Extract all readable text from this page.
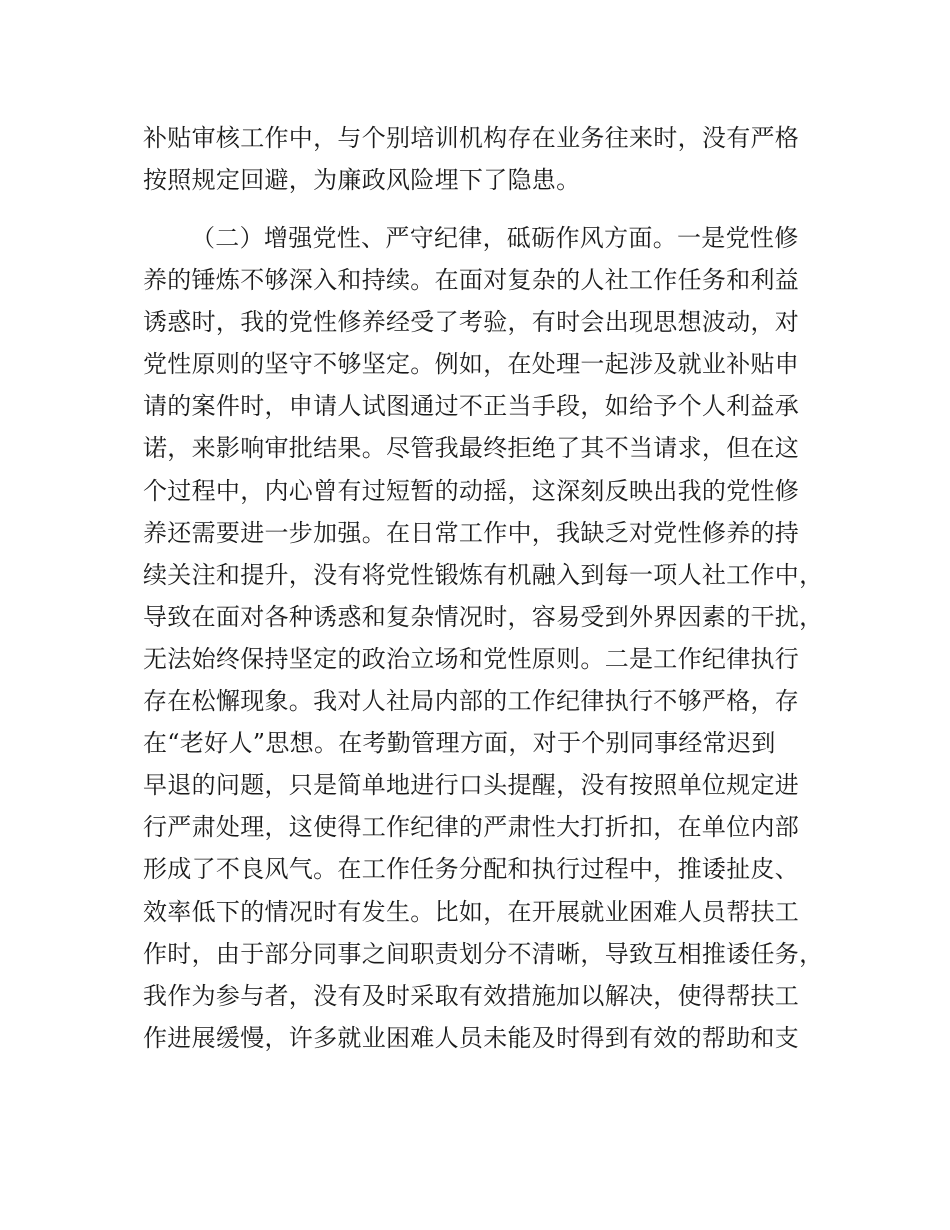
补贴审核工作中，与个别培训机构存在业务往来时，没有严格
按照规定回避，为廉政风险埋下了隐患。
（二）增强党性、严守纪律，砥砺作风方面。一是党性修
养的锤炼不够深入和持续。在面对复杂的人社工作任务和利益
诱惑时，我的党性修养经受了考验，有时会出现思想波动，对
党性原则的坚守不够坚定。例如，在处理一起涉及就业补贴申
请的案件时，申请人试图通过不正当手段，如给予个人利益承
诺，来影响审批结果。尽管我最终拒绝了其不当请求，但在这
个过程中，内心曾有过短暂的动摇，这深刻反映出我的党性修
养还需要进一步加强。在日常工作中，我缺乏对党性修养的持
续关注和提升，没有将党性锻炼有机融入到每一项人社工作中，
导致在面对各种诱惑和复杂情况时，容易受到外界因素的干扰，
无法始终保持坚定的政治立场和党性原则。二是工作纪律执行
存在松懈现象。我对人社局内部的工作纪律执行不够严格，存
在“老好人”思想。在考勤管理方面，对于个别同事经常迟到
早退的问题，只是简单地进行口头提醒，没有按照单位规定进
行严肃处理，这使得工作纪律的严肃性大打折扣，在单位内部
形成了不良风气。在工作任务分配和执行过程中，推诿扯皮、
效率低下的情况时有发生。比如，在开展就业困难人员帮扶工
作时，由于部分同事之间职责划分不清晰，导致互相推诿任务，
我作为参与者，没有及时采取有效措施加以解决，使得帮扶工
作进展缓慢，许多就业困难人员未能及时得到有效的帮助和支
